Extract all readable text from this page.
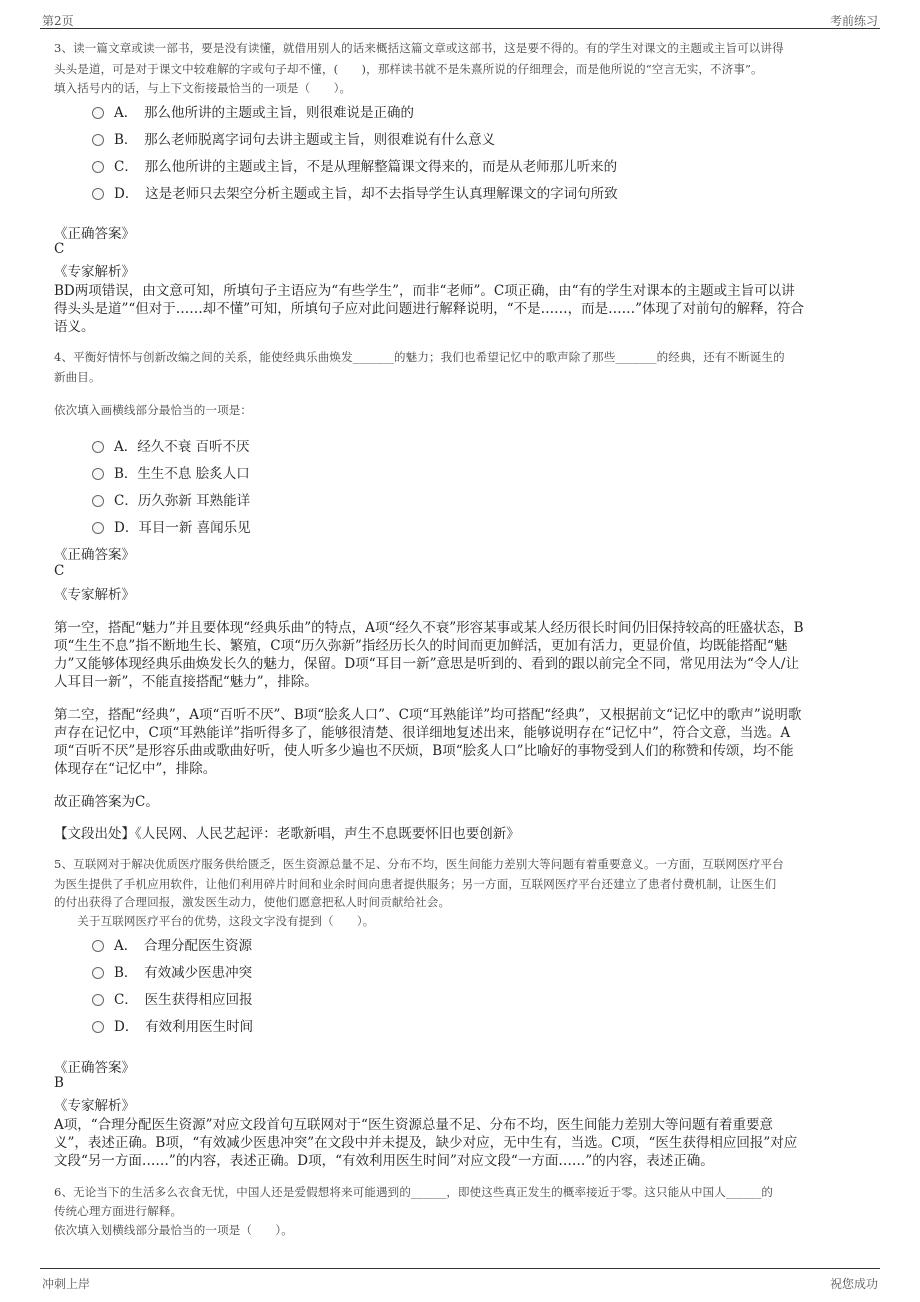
第2页	考前练习
3、读一篇文章或读一部书，要是没有读懂，就借用别人的话来概括这篇文章或这部书，这是要不得的。有的学生对课文的主题或主旨可以讲得
头头是道，可是对于课文中较难解的字或句子却不懂，(　　)，那样读书就不是朱熹所说的仔细理会，而是他所说的“空言无实，不济事”。
填入括号内的话，与上下文衔接最恰当的一项是（　　）。
A．　那么他所讲的主题或主旨，则很难说是正确的
B．　那么老师脱离字词句去讲主题或主旨，则很难说有什么意义
C．　那么他所讲的主题或主旨，不是从理解整篇课文得来的，而是从老师那儿听来的
D．　这是老师只去架空分析主题或主旨，却不去指导学生认真理解课文的字词句所致
《正确答案》
C
《专家解析》
BD两项错误，由文意可知，所填句子主语应为“有些学生”，而非“老师”。C项正确，由“有的学生对课本的主题或主旨可以讲
得头头是道”“但对于……却不懂”可知，所填句子应对此问题进行解释说明，“不是……，而是……”体现了对前句的解释，符合
语义。
4、平衡好情怀与创新改编之间的关系，能使经典乐曲焕发_______的魅力；我们也希望记忆中的歌声除了那些_______的经典，还有不断诞生的
新曲目。
依次填入画横线部分最恰当的一项是：
A．经久不衰 百听不厌
B．生生不息 脍炙人口
C．历久弥新 耳熟能详
D．耳目一新 喜闻乐见
《正确答案》
C
《专家解析》
第一空，搭配“魅力”并且要体现“经典乐曲”的特点，A项“经久不衰”形容某事或某人经历很长时间仍旧保持较高的旺盛状态，B
项“生生不息”指不断地生长、繁殖，C项“历久弥新”指经历长久的时间而更加鲜活，更加有活力，更显价值，均既能搭配“魅
力”又能够体现经典乐曲焕发长久的魅力，保留。D项“耳目一新”意思是听到的、看到的跟以前完全不同，常见用法为“令人/让
人耳目一新”，不能直接搭配“魅力”，排除。
第二空，搭配“经典”，A项“百听不厌”、B项“脍炙人口”、C项“耳熟能详”均可搭配“经典”，又根据前文“记忆中的歌声”说明歌
声存在记忆中，C项“耳熟能详”指听得多了，能够很清楚、很详细地复述出来，能够说明存在“记忆中”，符合文意，当选。A
项“百听不厌”是形容乐曲或歌曲好听，使人听多少遍也不厌烦，B项“脍炙人口”比喻好的事物受到人们的称赞和传颂，均不能
体现存在“记忆中”，排除。
故正确答案为C。
【文段出处】《人民网、人民艺起评：老歌新唱，声生不息既要怀旧也要创新》
5、互联网对于解决优质医疗服务供给匮乏，医生资源总量不足、分布不均，医生间能力差别大等问题有着重要意义。一方面，互联网医疗平台
为医生提供了手机应用软件，让他们利用碎片时间和业余时间向患者提供服务；另一方面，互联网医疗平台还建立了患者付费机制，让医生们
的付出获得了合理回报，激发医生动力，使他们愿意把私人时间贡献给社会。
　　关于互联网医疗平台的优势，这段文字没有提到（　　）。
A．　合理分配医生资源
B．　有效减少医患冲突
C．　医生获得相应回报
D．　有效利用医生时间
《正确答案》
B
《专家解析》
A项，“合理分配医生资源”对应文段首句互联网对于“医生资源总量不足、分布不均，医生间能力差别大等问题有着重要意
义”，表述正确。B项，“有效减少医患冲突”在文段中并未提及，缺少对应，无中生有，当选。C项，“医生获得相应回报”对应
文段“另一方面……”的内容，表述正确。D项，“有效利用医生时间”对应文段“一方面……”的内容，表述正确。
6、无论当下的生活多么衣食无忧，中国人还是爱假想将来可能遇到的______，即使这些真正发生的概率接近于零。这只能从中国人______的
传统心理方面进行解释。
依次填入划横线部分最恰当的一项是（　　）。
冲刺上岸	祝您成功
